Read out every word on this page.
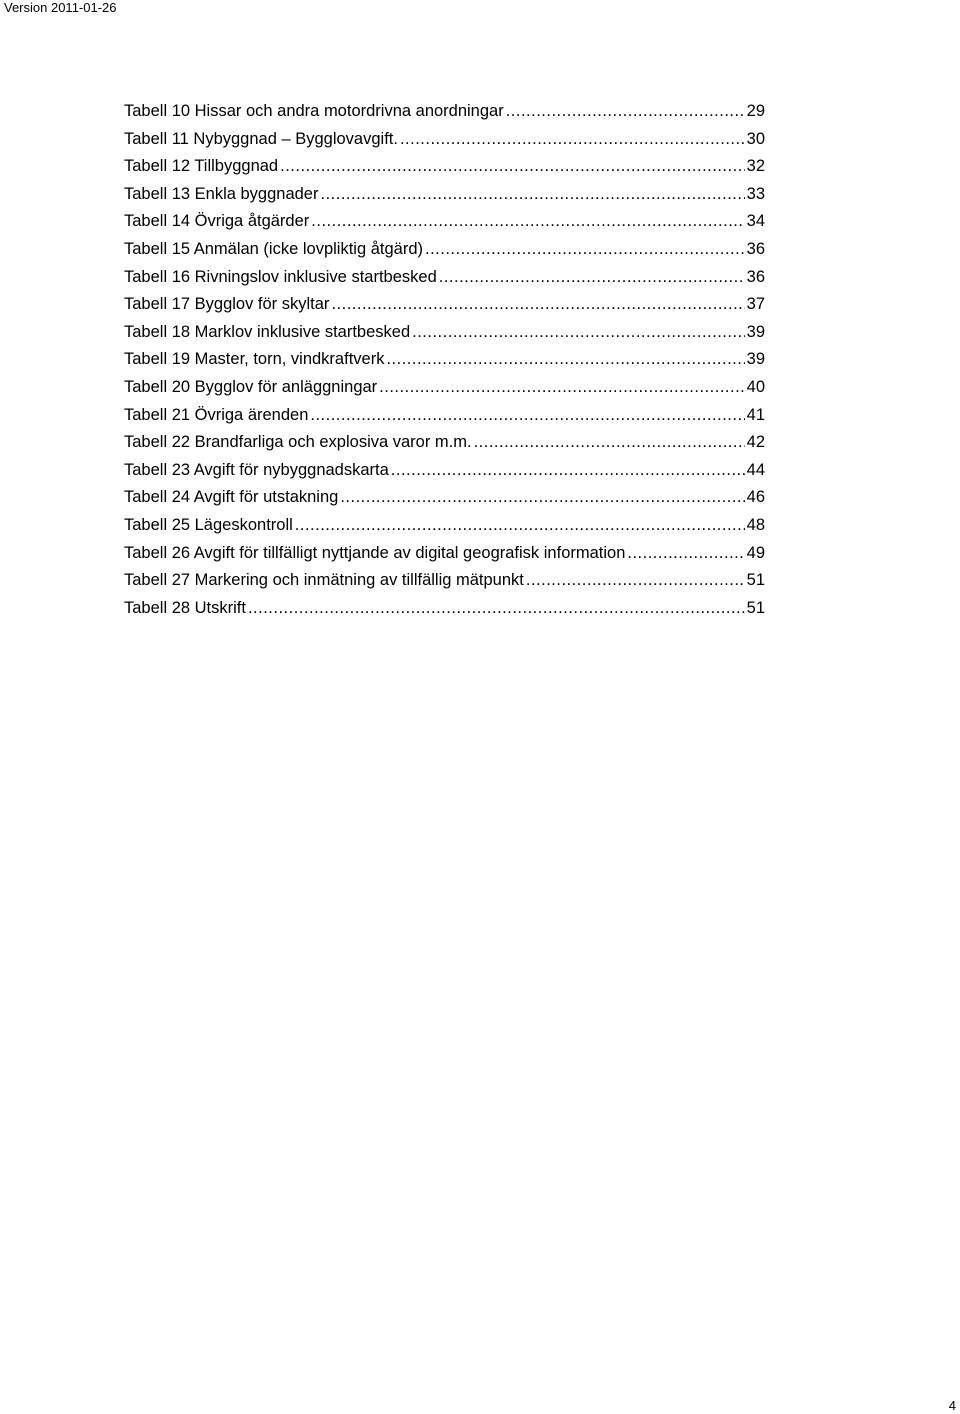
Version 2011-01-26
Tabell 10 Hissar och andra motordrivna anordningar .....	29
Tabell 11 Nybyggnad – Bygglovavgift. .....	30
Tabell 12 Tillbyggnad .....	32
Tabell 13 Enkla byggnader .....	33
Tabell 14 Övriga åtgärder .....	34
Tabell 15 Anmälan (icke lovpliktig åtgärd) .....	36
Tabell 16 Rivningslov inklusive startbesked .....	36
Tabell 17 Bygglov för skyltar .....	37
Tabell 18 Marklov inklusive startbesked .....	39
Tabell 19 Master, torn, vindkraftverk .....	39
Tabell 20 Bygglov för anläggningar .....	40
Tabell 21 Övriga ärenden .....	41
Tabell 22 Brandfarliga och explosiva varor m.m. .....	42
Tabell 23 Avgift för nybyggnadskarta .....	44
Tabell 24 Avgift för utstakning .....	46
Tabell 25 Lägeskontroll .....	48
Tabell 26 Avgift för tillfälligt nyttjande av digital geografisk information .....	49
Tabell 27 Markering och inmätning av tillfällig mätpunkt .....	51
Tabell 28 Utskrift .....	51
4
